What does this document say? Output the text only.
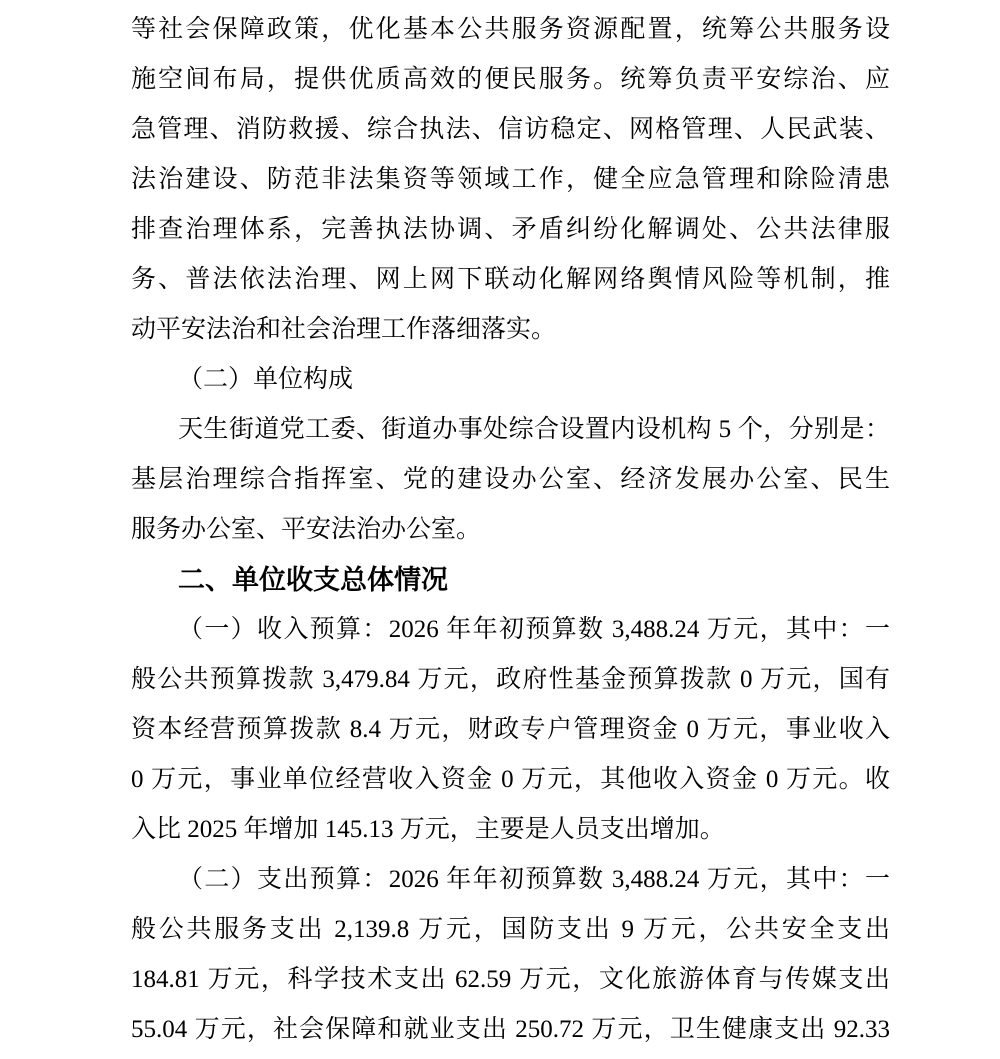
等社会保障政策，优化基本公共服务资源配置，统筹公共服务设
施空间布局，提供优质高效的便民服务。统筹负责平安综治、应
急管理、消防救援、综合执法、信访稳定、网格管理、人民武装、
法治建设、防范非法集资等领域工作，健全应急管理和除险清患
排查治理体系，完善执法协调、矛盾纠纷化解调处、公共法律服
务、普法依法治理、网上网下联动化解网络舆情风险等机制，推
动平安法治和社会治理工作落细落实。
（二）单位构成
天生街道党工委、街道办事处综合设置内设机构 5 个，分别是：
基层治理综合指挥室、党的建设办公室、经济发展办公室、民生
服务办公室、平安法治办公室。
二、单位收支总体情况
（一）收入预算：2026 年年初预算数 3,488.24 万元，其中：一
般公共预算拨款 3,479.84 万元，政府性基金预算拨款 0 万元，国有
资本经营预算拨款 8.4 万元，财政专户管理资金 0 万元，事业收入
0 万元，事业单位经营收入资金 0 万元，其他收入资金 0 万元。收
入比 2025 年增加 145.13 万元，主要是人员支出增加。
（二）支出预算：2026 年年初预算数 3,488.24 万元，其中：一
般公共服务支出 2,139.8 万元，国防支出 9 万元，公共安全支出
184.81 万元，科学技术支出 62.59 万元，文化旅游体育与传媒支出
55.04 万元，社会保障和就业支出 250.72 万元，卫生健康支出 92.33
